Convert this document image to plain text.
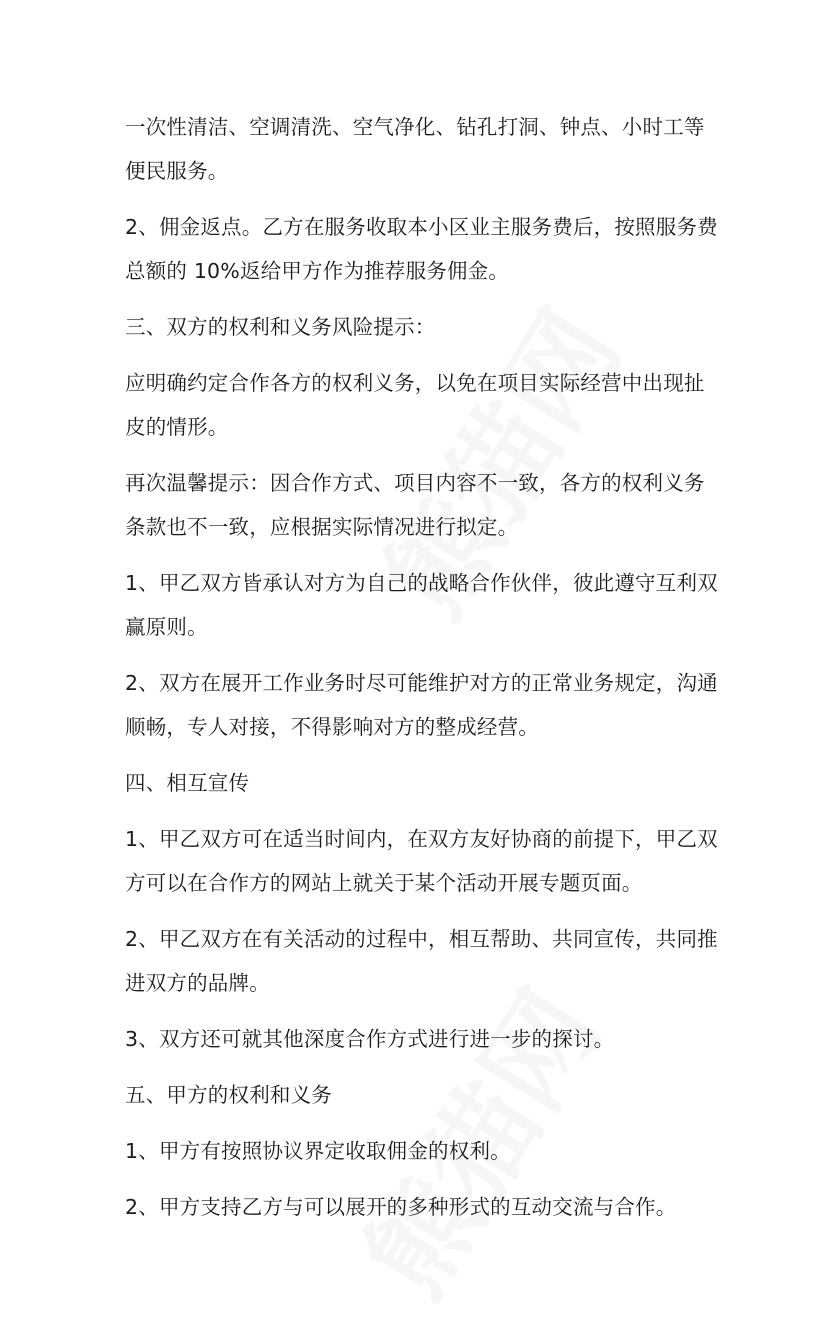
一次性清洁、空调清洗、空气净化、钻孔打洞、钟点、小时工等便民服务。

2、佣金返点。乙方在服务收取本小区业主服务费后，按照服务费总额的 10%返给甲方作为推荐服务佣金。

三、双方的权利和义务风险提示：

应明确约定合作各方的权利义务，以免在项目实际经营中出现扯皮的情形。

再次温馨提示：因合作方式、项目内容不一致，各方的权利义务条款也不一致，应根据实际情况进行拟定。

1、甲乙双方皆承认对方为自己的战略合作伙伴，彼此遵守互利双赢原则。

2、双方在展开工作业务时尽可能维护对方的正常业务规定，沟通顺畅，专人对接，不得影响对方的整成经营。

四、相互宣传

1、甲乙双方可在适当时间内，在双方友好协商的前提下，甲乙双方可以在合作方的网站上就关于某个活动开展专题页面。

2、甲乙双方在有关活动的过程中，相互帮助、共同宣传，共同推进双方的品牌。

3、双方还可就其他深度合作方式进行进一步的探讨。

五、甲方的权利和义务

1、甲方有按照协议界定收取佣金的权利。

2、甲方支持乙方与可以展开的多种形式的互动交流与合作。
